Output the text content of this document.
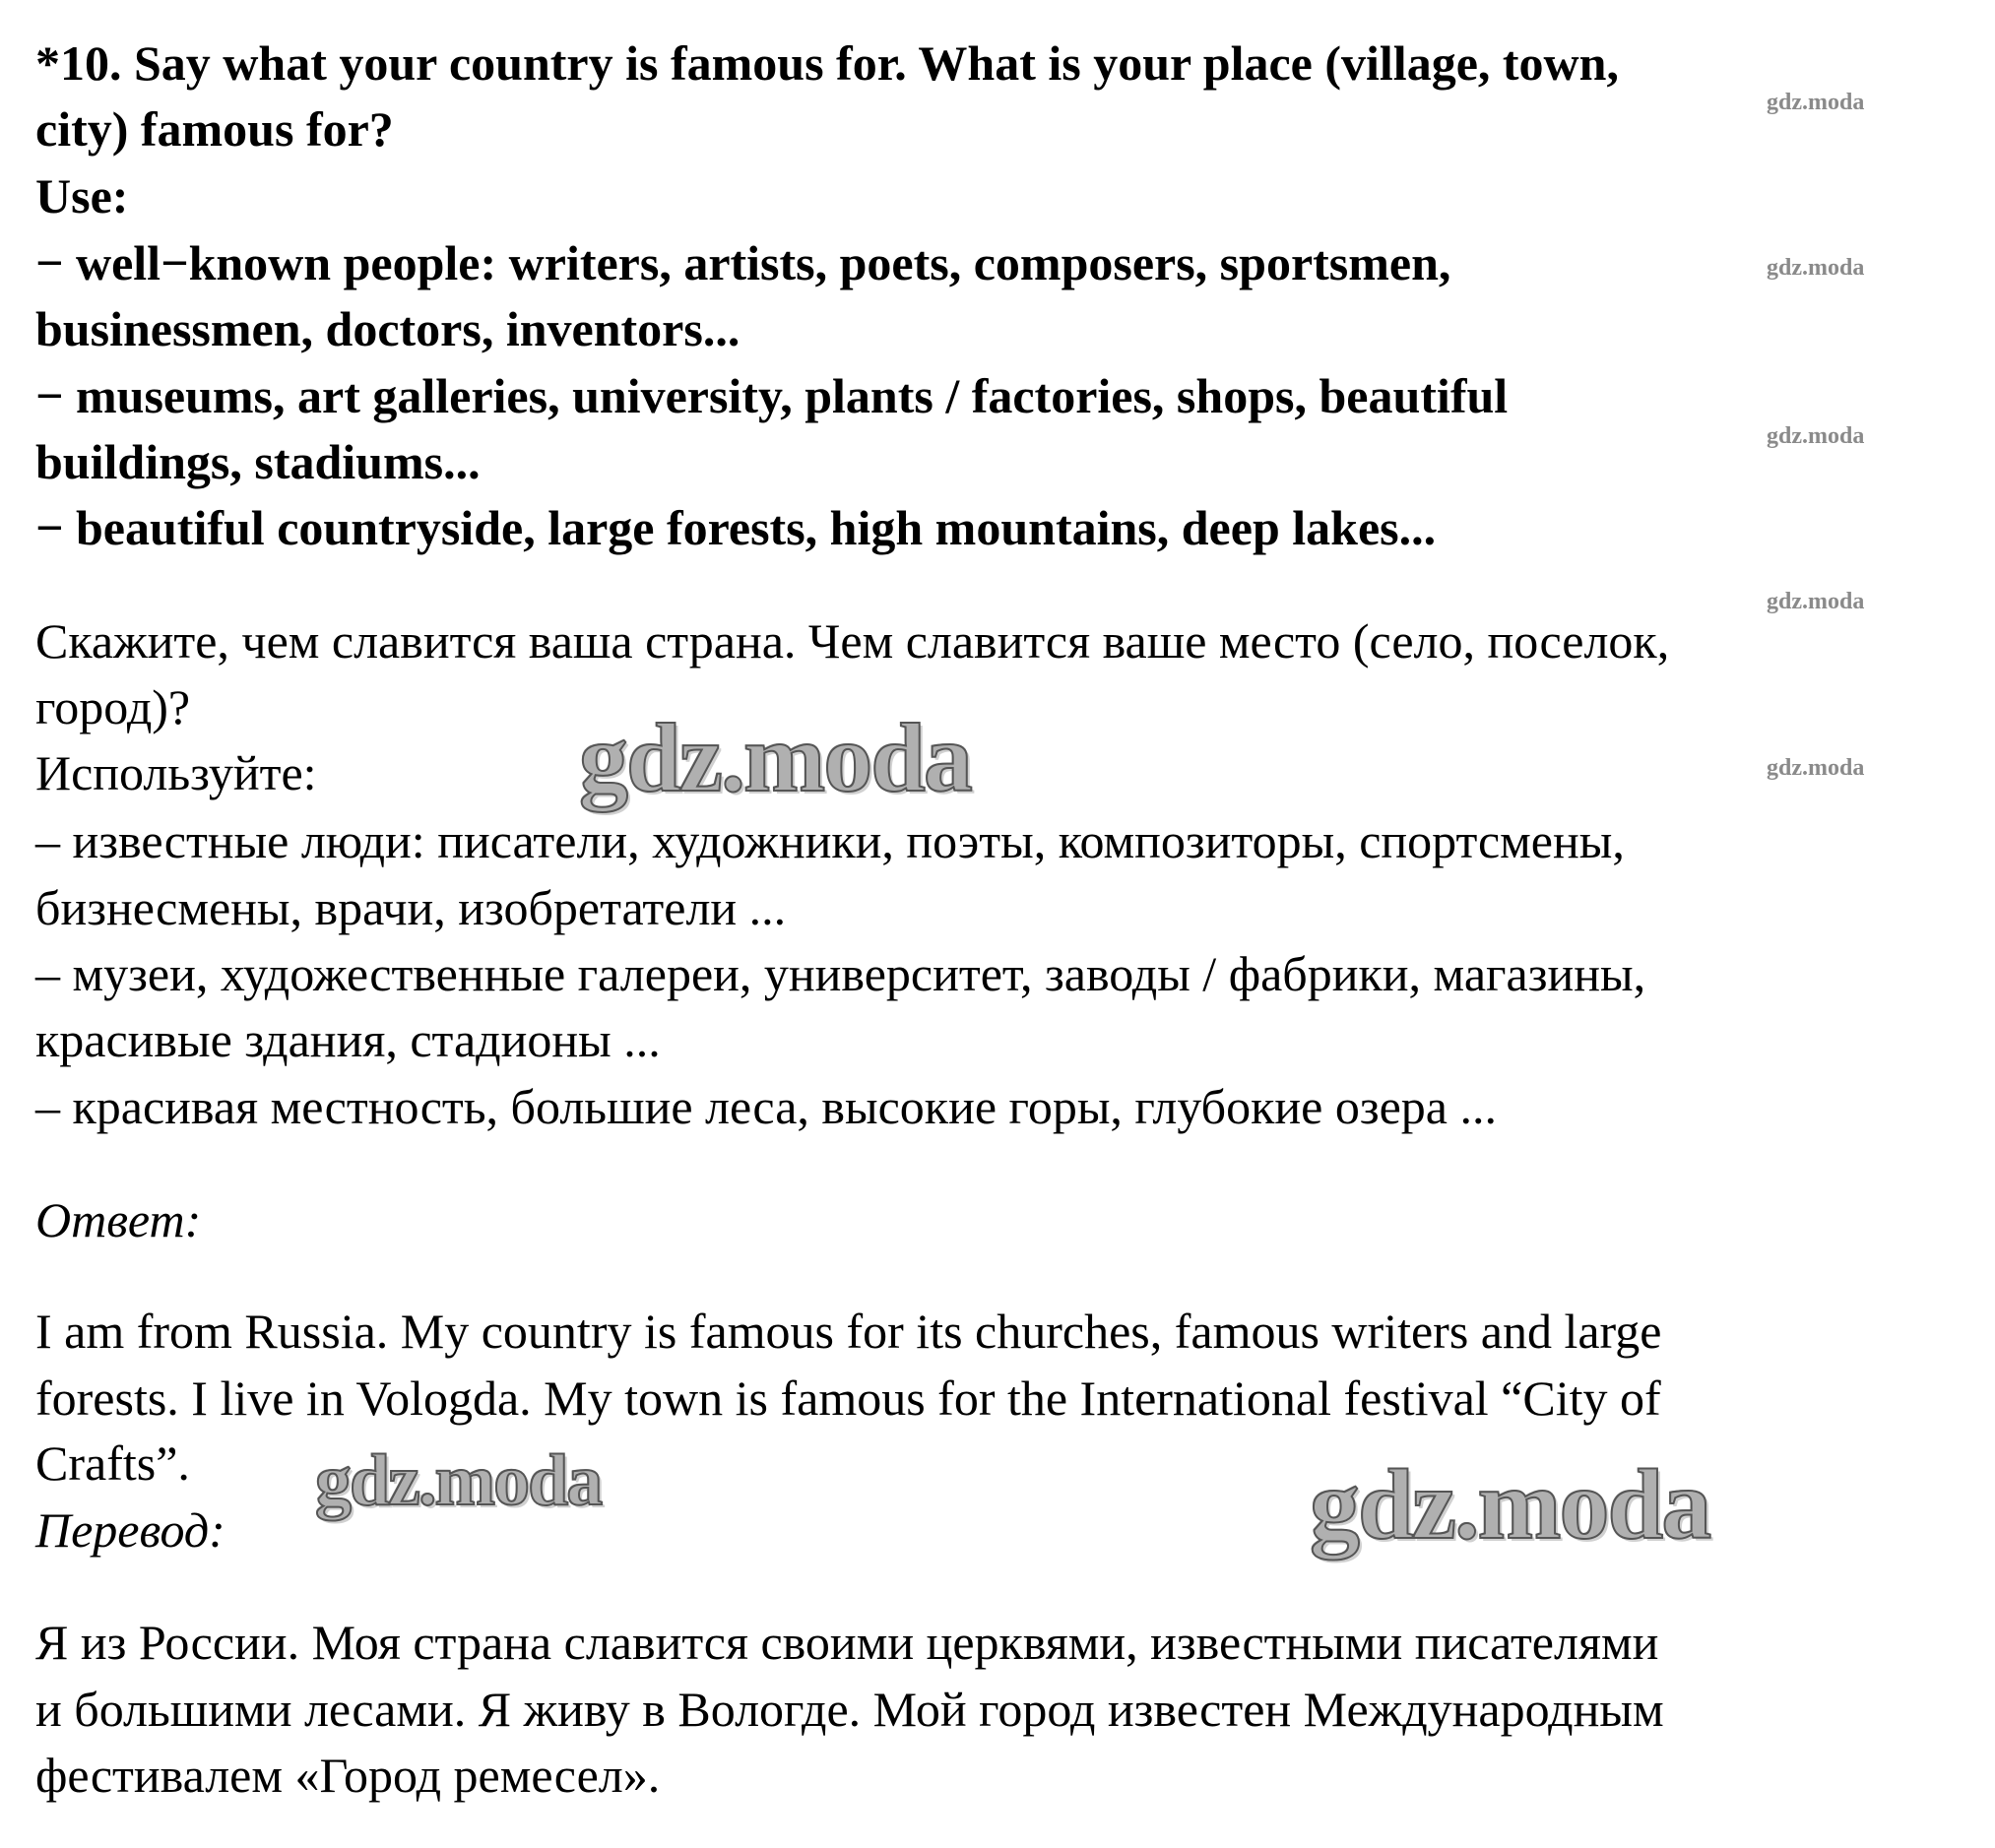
*10. Say what your country is famous for. What is your place (village, town,
city) famous for?
Use:
− well−known people: writers, artists, poets, composers, sportsmen,
businessmen, doctors, inventors...
− museums, art galleries, university, plants / factories, shops, beautiful
buildings, stadiums...
− beautiful countryside, large forests, high mountains, deep lakes...
Скажите, чем славится ваша страна. Чем славится ваше место (село, поселок,
город)?
Используйте:
– известные люди: писатели, художники, поэты, композиторы, спортсмены,
бизнесмены, врачи, изобретатели ...
– музеи, художественные галереи, университет, заводы / фабрики, магазины,
красивые здания, стадионы ...
– красивая местность, большие леса, высокие горы, глубокие озера ...
Ответ:
I am from Russia. My country is famous for its churches, famous writers and large
forests. I live in Vologda. My town is famous for the International festival “City of
Crafts”.
Перевод:
Я из России. Моя страна славится своими церквями, известными писателями
и большими лесами. Я живу в Вологде. Мой город известен Международным
фестивалем «Город ремесел».
gdz.moda
gdz.moda
gdz.moda
gdz.moda
gdz.moda
gdz.moda
gdz.moda	gdz.moda
